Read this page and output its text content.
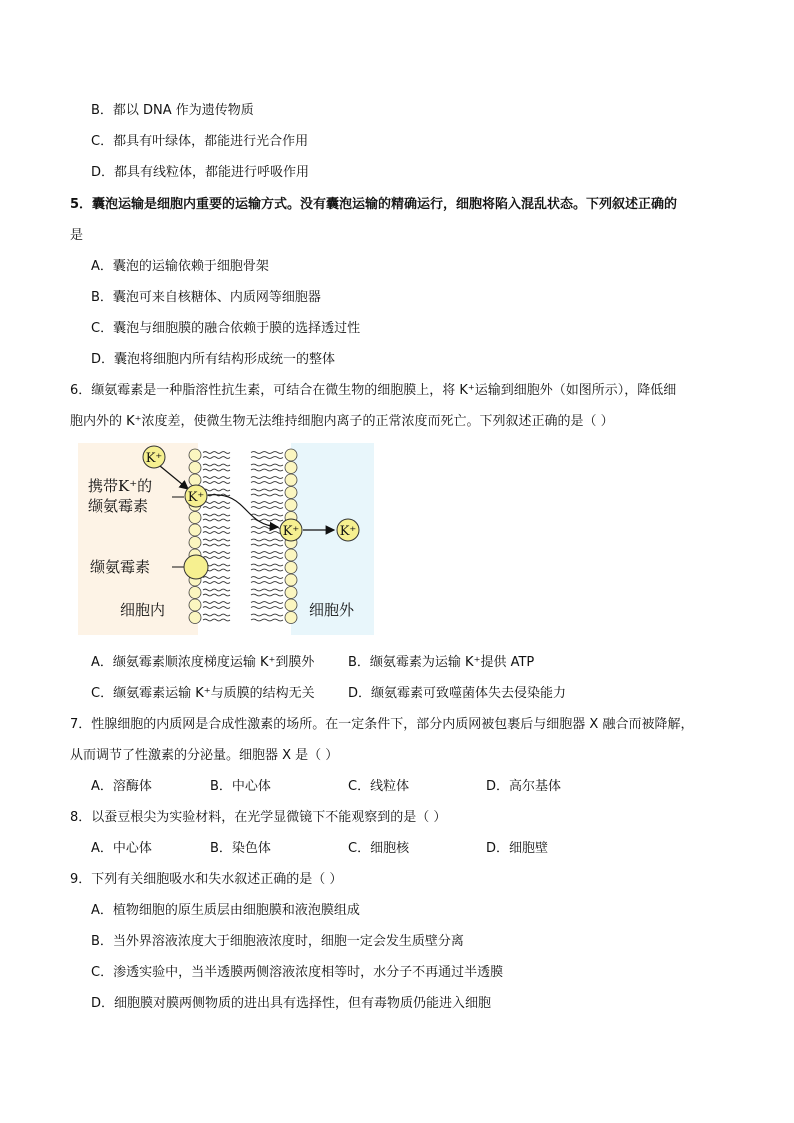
B．都以 DNA 作为遗传物质
C．都具有叶绿体，都能进行光合作用
D．都具有线粒体，都能进行呼吸作用
5．囊泡运输是细胞内重要的运输方式。没有囊泡运输的精确运行，细胞将陷入混乱状态。下列叙述正确的
是
A．囊泡的运输依赖于细胞骨架
B．囊泡可来自核糖体、内质网等细胞器
C．囊泡与细胞膜的融合依赖于膜的选择透过性
D．囊泡将细胞内所有结构形成统一的整体
6．缬氨霉素是一种脂溶性抗生素，可结合在微生物的细胞膜上，将 K⁺运输到细胞外（如图所示），降低细
胞内外的 K⁺浓度差，使微生物无法维持细胞内离子的正常浓度而死亡。下列叙述正确的是（ ）
K⁺
K⁺
K⁺	K⁺
携带K⁺的
缬氨霉素
缬氨霉素
细胞内	细胞外
A．缬氨霉素顺浓度梯度运输 K⁺到膜外	B．缬氨霉素为运输 K⁺提供 ATP
C．缬氨霉素运输 K⁺与质膜的结构无关	D．缬氨霉素可致噬菌体失去侵染能力
7．性腺细胞的内质网是合成性激素的场所。在一定条件下，部分内质网被包裹后与细胞器 X 融合而被降解，
从而调节了性激素的分泌量。细胞器 X 是（ ）
A．溶酶体	B．中心体	C．线粒体	D．高尔基体
8．以蚕豆根尖为实验材料，在光学显微镜下不能观察到的是（ ）
A．中心体	B．染色体	C．细胞核	D．细胞壁
9．下列有关细胞吸水和失水叙述正确的是（ ）
A．植物细胞的原生质层由细胞膜和液泡膜组成
B．当外界溶液浓度大于细胞液浓度时，细胞一定会发生质壁分离
C．渗透实验中，当半透膜两侧溶液浓度相等时，水分子不再通过半透膜
D．细胞膜对膜两侧物质的进出具有选择性，但有毒物质仍能进入细胞
